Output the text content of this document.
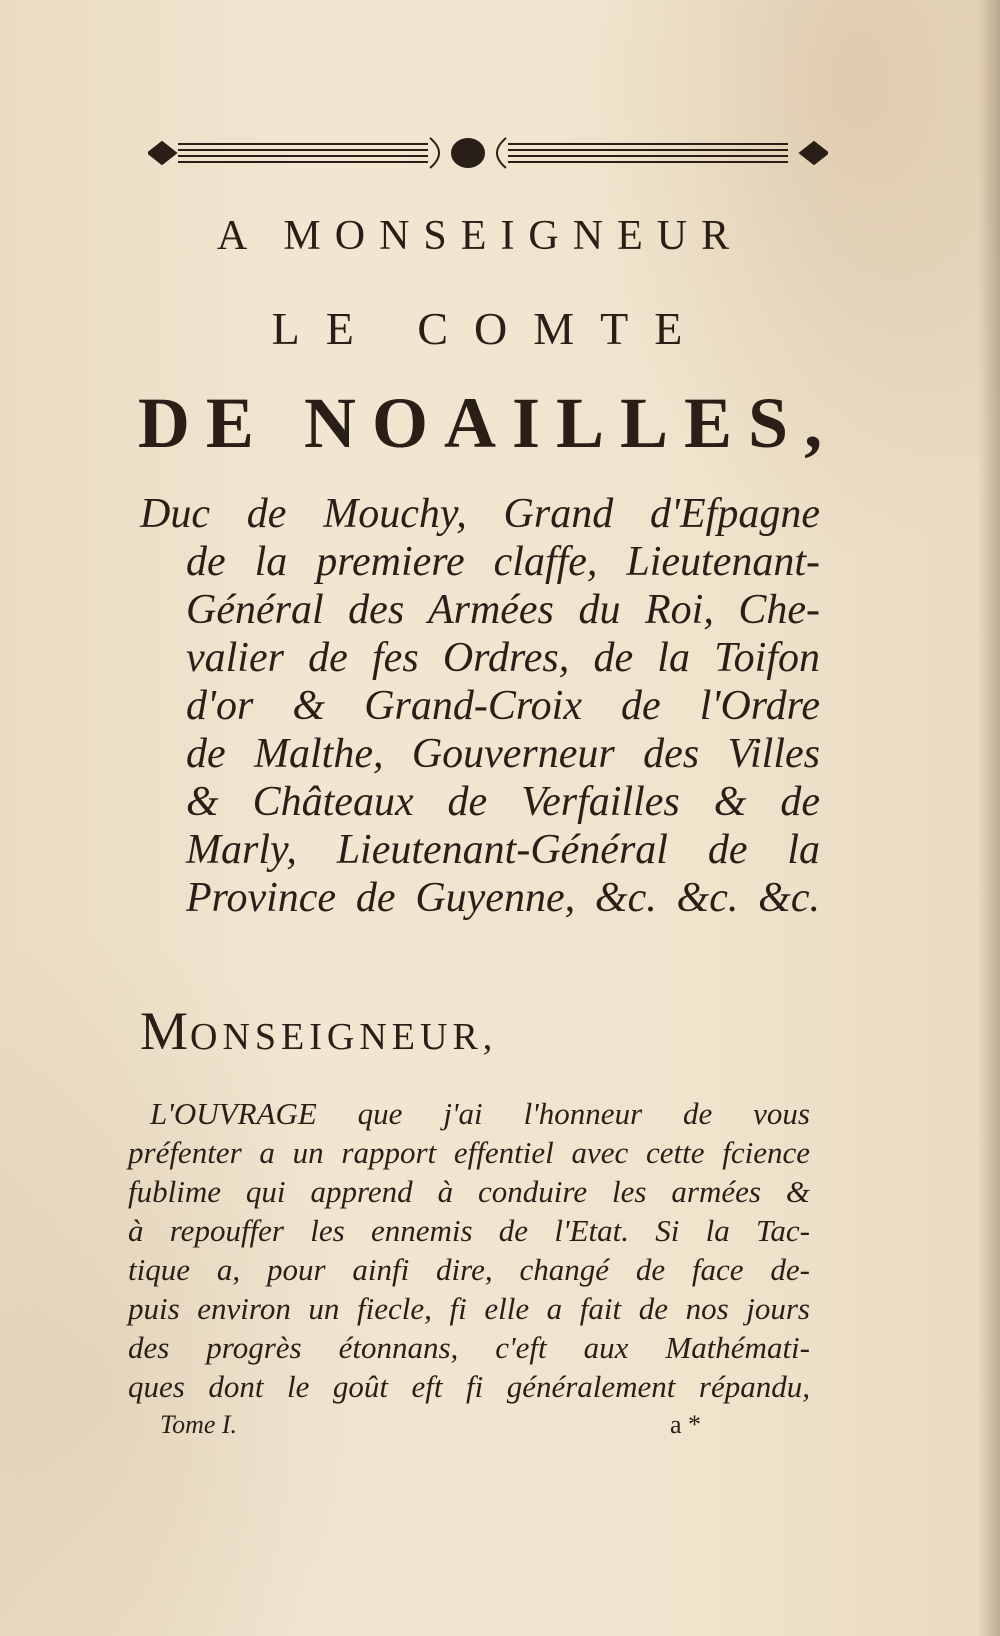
A MONSEIGNEUR
LE COMTE
DE NOAILLES,
Duc de Mouchy, Grand d'Efpagne
de la premiere claffe, Lieutenant-
Général des Armées du Roi, Che-
valier de fes Ordres, de la Toifon
d'or & Grand-Croix de l'Ordre
de Malthe, Gouverneur des Villes
& Châteaux de Verfailles & de
Marly, Lieutenant-Général de la
Province de Guyenne, &c. &c. &c.
MONSEIGNEUR,
L'OUVRAGE que j'ai l'honneur de vous
préfenter a un rapport effentiel avec cette fcience
fublime qui apprend à conduire les armées &
à repouffer les ennemis de l'Etat. Si la Tac-
tique a, pour ainfi dire, changé de face de-
puis environ un fiecle, fi elle a fait de nos jours
des progrès étonnans, c'eft aux Mathémati-
ques dont le goût eft fi généralement répandu,
Tome I.	a *
